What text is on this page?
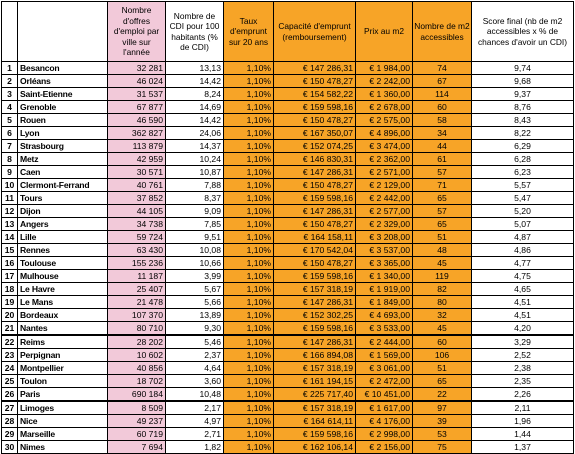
		Nombre d'offres d'emploi par ville sur l'année	Nombre de CDI pour 100 habitants (% de CDI)	Taux d'emprunt sur 20 ans	Capacité d'emprunt (remboursement)	Prix au m2	Nombre de m2 accessibles	Score final (nb de m2 accessibles x % de chances d'avoir un CDI)
1	Besancon	32 281	13,13	1,10%	€ 147 286,31	€ 1 984,00	74	9,74
2	Orléans	46 024	14,42	1,10%	€ 150 478,27	€ 2 242,00	67	9,68
3	Saint-Etienne	31 537	8,24	1,10%	€ 154 582,22	€ 1 360,00	114	9,37
4	Grenoble	67 877	14,69	1,10%	€ 159 598,16	€ 2 678,00	60	8,76
5	Rouen	46 590	14,42	1,10%	€ 150 478,27	€ 2 575,00	58	8,43
6	Lyon	362 827	24,06	1,10%	€ 167 350,07	€ 4 896,00	34	8,22
7	Strasbourg	113 879	14,37	1,10%	€ 152 074,25	€ 3 474,00	44	6,29
8	Metz	42 959	10,24	1,10%	€ 146 830,31	€ 2 362,00	61	6,28
9	Caen	30 571	10,87	1,10%	€ 147 286,31	€ 2 571,00	57	6,23
10	Clermont-Ferrand	40 761	7,88	1,10%	€ 150 478,27	€ 2 129,00	71	5,57
11	Tours	37 852	8,37	1,10%	€ 159 598,16	€ 2 442,00	65	5,47
12	Dijon	44 105	9,09	1,10%	€ 147 286,31	€ 2 577,00	57	5,20
13	Angers	34 738	7,85	1,10%	€ 150 478,27	€ 2 329,00	65	5,07
14	Lille	59 724	9,51	1,10%	€ 164 158,11	€ 3 208,00	51	4,87
15	Rennes	63 430	10,08	1,10%	€ 170 542,04	€ 3 537,00	48	4,86
16	Toulouse	155 236	10,66	1,10%	€ 150 478,27	€ 3 365,00	45	4,77
17	Mulhouse	11 187	3,99	1,10%	€ 159 598,16	€ 1 340,00	119	4,75
18	Le Havre	25 407	5,67	1,10%	€ 157 318,19	€ 1 919,00	82	4,65
19	Le Mans	21 478	5,66	1,10%	€ 147 286,31	€ 1 849,00	80	4,51
20	Bordeaux	107 370	13,89	1,10%	€ 152 302,25	€ 4 693,00	32	4,51
21	Nantes	80 710	9,30	1,10%	€ 159 598,16	€ 3 533,00	45	4,20
22	Reims	28 202	5,46	1,10%	€ 147 286,31	€ 2 444,00	60	3,29
23	Perpignan	10 602	2,37	1,10%	€ 166 894,08	€ 1 569,00	106	2,52
24	Montpellier	40 856	4,64	1,10%	€ 157 318,19	€ 3 061,00	51	2,38
25	Toulon	18 702	3,60	1,10%	€ 161 194,15	€ 2 472,00	65	2,35
26	Paris	690 184	10,48	1,10%	€ 225 717,40	€ 10 451,00	22	2,26
27	Limoges	8 509	2,17	1,10%	€ 157 318,19	€ 1 617,00	97	2,11
28	Nice	49 237	4,97	1,10%	€ 164 614,11	€ 4 176,00	39	1,96
29	Marseille	60 719	2,71	1,10%	€ 159 598,16	€ 2 998,00	53	1,44
30	Nimes	7 694	1,82	1,10%	€ 162 106,14	€ 2 156,00	75	1,37
